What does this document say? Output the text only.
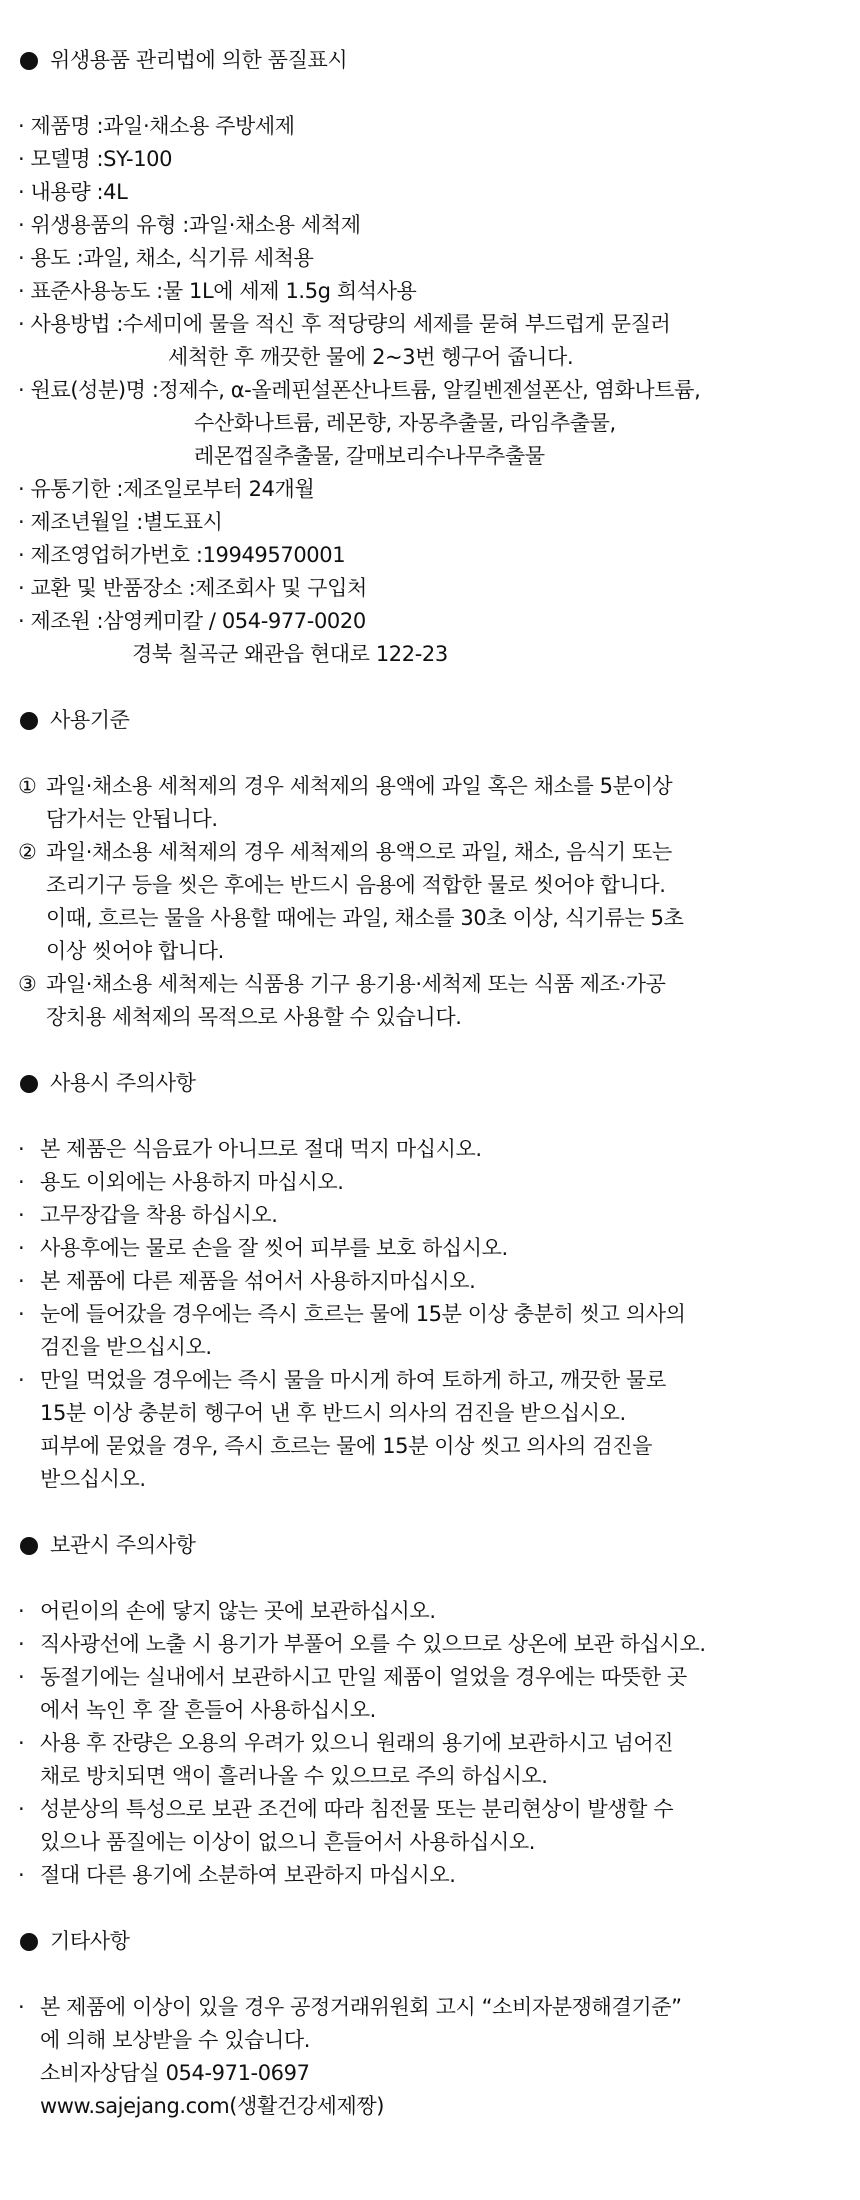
위생용품 관리법에 의한 품질표시
· 제품명 : 과일·채소용 주방세제
· 모델명 : SY-100
· 내용량 : 4L
· 위생용품의 유형 : 과일·채소용 세척제
· 용도 : 과일, 채소, 식기류 세척용
· 표준사용농도 : 물 1L에 세제 1.5g 희석사용
· 사용방법 : 수세미에 물을 적신 후 적당량의 세제를 묻혀 부드럽게 문질러
세척한 후 깨끗한 물에 2~3번 헹구어 줍니다.
· 원료(성분)명 : 정제수, α-올레핀설폰산나트륨, 알킬벤젠설폰산, 염화나트륨,
수산화나트륨, 레몬향, 자몽추출물, 라임추출물,
레몬껍질추출물, 갈매보리수나무추출물
· 유통기한 : 제조일로부터 24개월
· 제조년월일 : 별도표시
· 제조영업허가번호 : 19949570001
· 교환 및 반품장소 : 제조회사 및 구입처
· 제조원 : 삼영케미칼 / 054-977-0020
경북 칠곡군 왜관읍 현대로 122-23
사용기준
① 과일·채소용 세척제의 경우 세척제의 용액에 과일 혹은 채소를 5분이상
담가서는 안됩니다.
② 과일·채소용 세척제의 경우 세척제의 용액으로 과일, 채소, 음식기 또는
조리기구 등을 씻은 후에는 반드시 음용에 적합한 물로 씻어야 합니다.
이때, 흐르는 물을 사용할 때에는 과일, 채소를 30초 이상, 식기류는 5초
이상 씻어야 합니다.
③ 과일·채소용 세척제는 식품용 기구 용기용·세척제 또는 식품 제조·가공
장치용 세척제의 목적으로 사용할 수 있습니다.
사용시 주의사항
· 본 제품은 식음료가 아니므로 절대 먹지 마십시오.
· 용도 이외에는 사용하지 마십시오.
· 고무장갑을 착용 하십시오.
· 사용후에는 물로 손을 잘 씻어 피부를 보호 하십시오.
· 본 제품에 다른 제품을 섞어서 사용하지마십시오.
· 눈에 들어갔을 경우에는 즉시 흐르는 물에 15분 이상 충분히 씻고 의사의
검진을 받으십시오.
· 만일 먹었을 경우에는 즉시 물을 마시게 하여 토하게 하고, 깨끗한 물로
15분 이상 충분히 헹구어 낸 후 반드시 의사의 검진을 받으십시오.
피부에 묻었을 경우, 즉시 흐르는 물에 15분 이상 씻고 의사의 검진을
받으십시오.
보관시 주의사항
· 어린이의 손에 닿지 않는 곳에 보관하십시오.
· 직사광선에 노출 시 용기가 부풀어 오를 수 있으므로 상온에 보관 하십시오.
· 동절기에는 실내에서 보관하시고 만일 제품이 얼었을 경우에는 따뜻한 곳
에서 녹인 후 잘 흔들어 사용하십시오.
· 사용 후 잔량은 오용의 우려가 있으니 원래의 용기에 보관하시고 넘어진
채로 방치되면 액이 흘러나올 수 있으므로 주의 하십시오.
· 성분상의 특성으로 보관 조건에 따라 침전물 또는 분리현상이 발생할 수
있으나 품질에는 이상이 없으니 흔들어서 사용하십시오.
· 절대 다른 용기에 소분하여 보관하지 마십시오.
기타사항
· 본 제품에 이상이 있을 경우 공정거래위원회 고시 “소비자분쟁해결기준”
에 의해 보상받을 수 있습니다.
소비자상담실 054-971-0697
www.sajejang.com(생활건강세제짱)
